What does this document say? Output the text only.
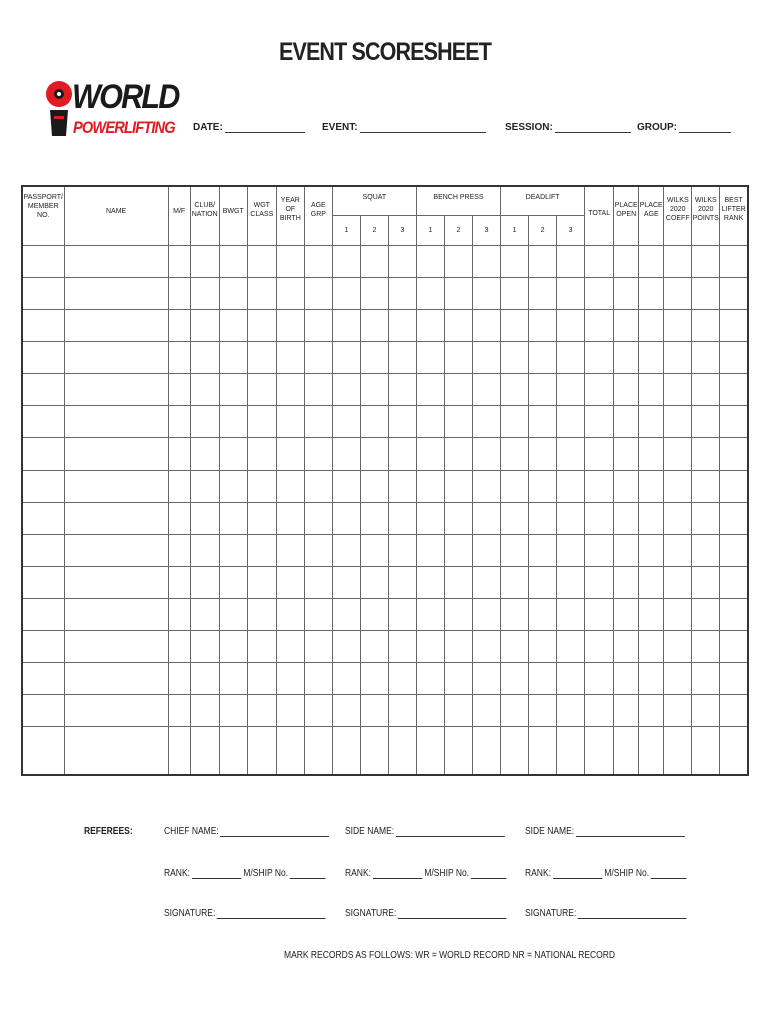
EVENT SCORESHEET
WORLD
POWERLIFTING DATE:	EVENT:	SESSION:	GROUP:
PASSPORT/ MEMBER NO.	NAME	M/F	CLUB/ NATION	BWGT	WGT CLASS	YEAR OF BIRTH	AGE GRP	SQUAT			BENCH PRESS			DEADLIFT			TOTAL	PLACE OPEN	PLACE AGE	WILKS 2020 COEFF	WILKS 2020 POINTS	BEST LIFTER RANK
								1	2	3	1	2	3	1	2	3						

REFEREES:	CHIEF NAME:	SIDE NAME:	SIDE NAME:
RANK:	M/SHIP No.	RANK:	M/SHIP No.	RANK:	M/SHIP No.
SIGNATURE:	SIGNATURE:	SIGNATURE:
MARK RECORDS AS FOLLOWS: WR = WORLD RECORD NR = NATIONAL RECORD
